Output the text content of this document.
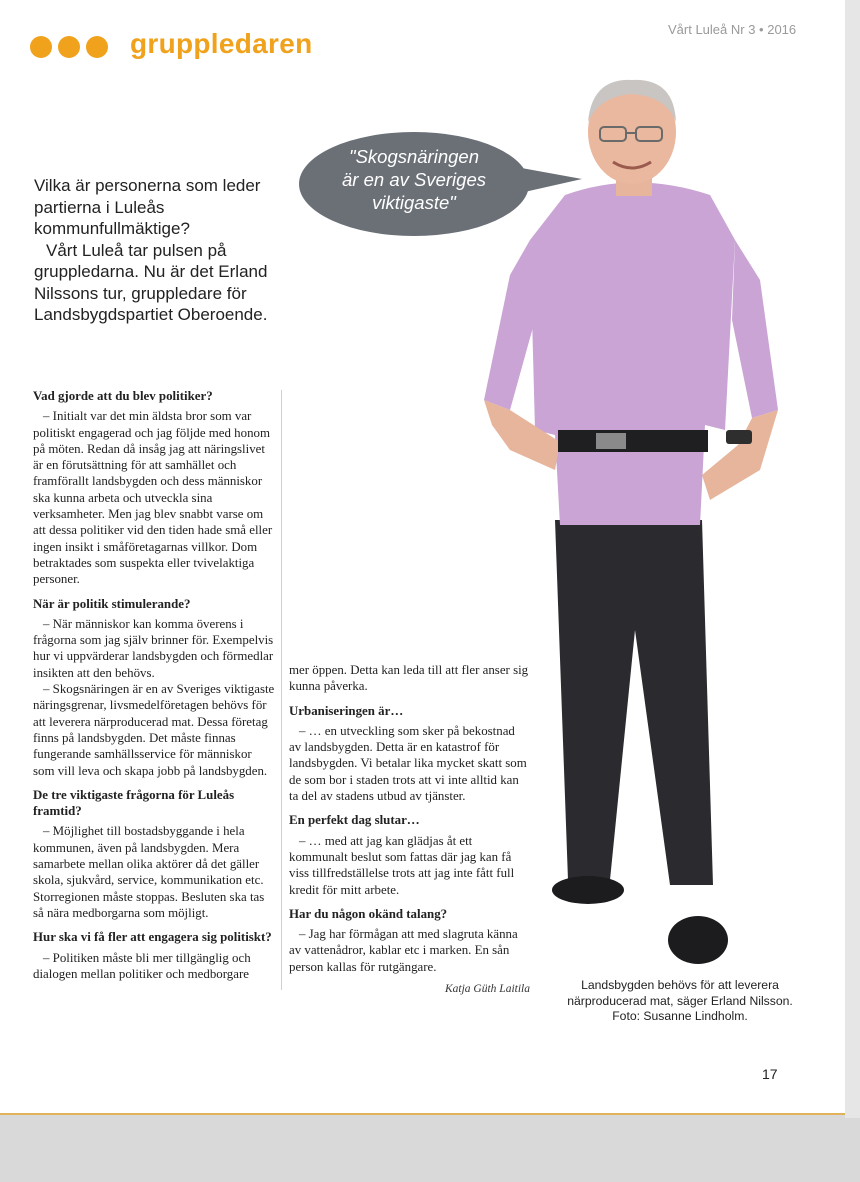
gruppledaren	Vårt Luleå Nr 3 • 2016

Vilka är personerna som leder partierna i Luleås kommunfullmäktige?

Vårt Luleå tar pulsen på gruppledarna. Nu är det Erland Nilssons tur, gruppledare för Landsbygdspartiet Oberoende.

"Skogsnäringen
är en av Sveriges
viktigaste"
Vad gjorde att du blev politiker?

– Initialt var det min äldsta bror som var politiskt engagerad och jag följde med honom på möten. Redan då insåg jag att näringslivet är en förutsättning för att samhället och framförallt landsbygden och dess människor ska kunna arbeta och utveckla sina verksamheter. Men jag blev snabbt varse om att dessa politiker vid den tiden hade små eller ingen insikt i småföretagarnas villkor. Dom betraktades som suspekta eller tvivelaktiga personer.

När är politik stimulerande?

– När människor kan komma överens i frågorna som jag själv brinner för. Exempelvis hur vi uppvärderar landsbygden och förmedlar insikten att den behövs.

– Skogsnäringen är en av Sveriges viktigaste näringsgrenar, livsmedelföretagen behövs för att leverera närproducerad mat. Dessa företag finns på landsbygden. Det måste finnas fungerande samhällsservice för människor som vill leva och skapa jobb på landsbygden.

De tre viktigaste frågorna för Luleås framtid?

– Möjlighet till bostadsbyggande i hela kommunen, även på landsbygden. Mera samarbete mellan olika aktörer då det gäller skola, sjukvård, service, kommunikation etc. Storregionen måste stoppas. Besluten ska tas så nära medborgarna som möjligt.

Hur ska vi få fler att engagera sig politiskt?

– Politiken måste bli mer tillgänglig och dialogen mellan politiker och medborgare

mer öppen. Detta kan leda till att fler anser sig kunna påverka.

Urbaniseringen är…

– … en utveckling som sker på bekostnad av landsbygden. Detta är en katastrof för landsbygden. Vi betalar lika mycket skatt som de som bor i staden trots att vi inte alltid kan ta del av stadens utbud av tjänster.

En perfekt dag slutar…

– … med att jag kan glädjas åt ett kommunalt beslut som fattas där jag kan få viss tillfredställelse trots att jag inte fått full kredit för mitt arbete.

Har du någon okänd talang?

– Jag har förmågan att med slagruta känna av vattenådror, kablar etc i marken. En sån person kallas för rutgängare.

Katja Güth Laitila	Landsbygden behövs för att leverera
närproducerad mat, säger Erland Nilsson.
Foto: Susanne Lindholm.
17
